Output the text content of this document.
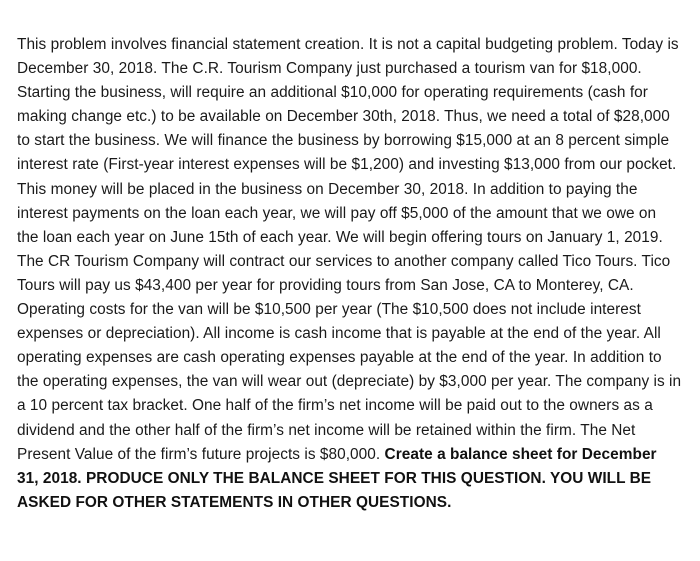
This problem involves financial statement creation. It is not a capital budgeting problem. Today is December 30, 2018. The C.R. Tourism Company just purchased a tourism van for $18,000. Starting the business, will require an additional $10,000 for operating requirements (cash for making change etc.) to be available on December 30th, 2018. Thus, we need a total of $28,000 to start the business. We will finance the business by borrowing $15,000 at an 8 percent simple interest rate (First-year interest expenses will be $1,200) and investing $13,000 from our pocket. This money will be placed in the business on December 30, 2018. In addition to paying the interest payments on the loan each year, we will pay off $5,000 of the amount that we owe on the loan each year on June 15th of each year. We will begin offering tours on January 1, 2019. The CR Tourism Company will contract our services to another company called Tico Tours. Tico Tours will pay us $43,400 per year for providing tours from San Jose, CA to Monterey, CA. Operating costs for the van will be $10,500 per year (The $10,500 does not include interest expenses or depreciation). All income is cash income that is payable at the end of the year. All operating expenses are cash operating expenses payable at the end of the year. In addition to the operating expenses, the van will wear out (depreciate) by $3,000 per year. The company is in a 10 percent tax bracket. One half of the firm’s net income will be paid out to the owners as a dividend and the other half of the firm’s net income will be retained within the firm. The Net Present Value of the firm’s future projects is $80,000. Create a balance sheet for December 31, 2018. PRODUCE ONLY THE BALANCE SHEET FOR THIS QUESTION. YOU WILL BE ASKED FOR OTHER STATEMENTS IN OTHER QUESTIONS.
